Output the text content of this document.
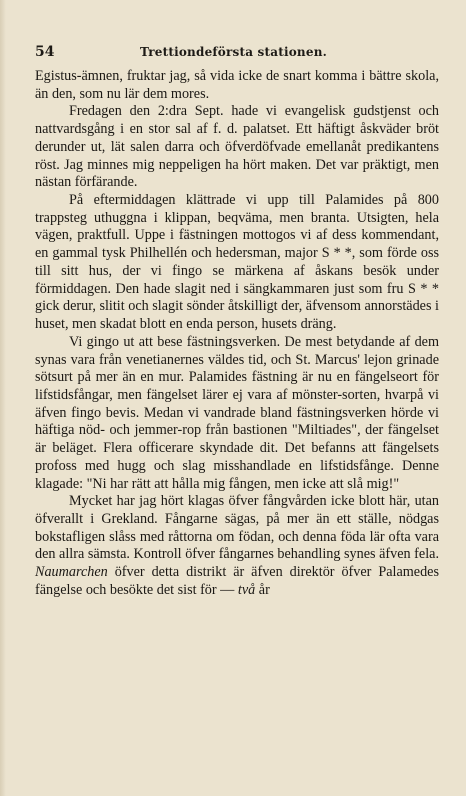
54	Trettiondeförsta stationen.

Egistus-ämnen, fruktar jag, så vida icke de snart komma i bättre skola, än den, som nu lär dem mores.

Fredagen den 2:dra Sept. hade vi evangelisk gudstjenst och nattvardsgång i en stor sal af f. d. palatset. Ett häftigt åskväder bröt derunder ut, lät salen darra och öfverdöfvade emellanåt predikantens röst. Jag minnes mig neppeligen ha hört maken. Det var präktigt, men nästan förfärande.

På eftermiddagen klättrade vi upp till Palamides på 800 trappsteg uthuggna i klippan, beqväma, men branta. Utsigten, hela vägen, praktfull. Uppe i fästningen mottogos vi af dess kommendant, en gammal tysk Philhellén och hedersman, major S * *, som förde oss till sitt hus, der vi fingo se märkena af åskans besök under förmiddagen. Den hade slagit ned i sängkammaren just som fru S * * gick derur, slitit och slagit sönder åtskilligt der, äfvensom annorstädes i huset, men skadat blott en enda person, husets dräng.

Vi gingo ut att bese fästningsverken. De mest betydande af dem synas vara från venetianernes väldes tid, och St. Marcus' lejon grinade sötsurt på mer än en mur. Palamides fästning är nu en fängelseort för lifstidsfångar, men fängelset lärer ej vara af mönster-sorten, hvarpå vi äfven fingo bevis. Medan vi vandrade bland fästningsverken hörde vi häftiga nöd- och jemmer-rop från bastionen "Miltiades", der fängelset är beläget. Flera officerare skyndade dit. Det befanns att fängelsets profoss med hugg och slag misshandlade en lifstidsfånge. Denne klagade: "Ni har rätt att hålla mig fången, men icke att slå mig!"

Mycket har jag hört klagas öfver fångvården icke blott här, utan öfverallt i Grekland. Fångarne sägas, på mer än ett ställe, nödgas bokstafligen slåss med råttorna om födan, och denna föda lär ofta vara den allra sämsta. Kontroll öfver fångarnes behandling synes äfven fela. Naumarchen öfver detta distrikt är äfven direktör öfver Palamedes fängelse och besökte det sist för — två år
